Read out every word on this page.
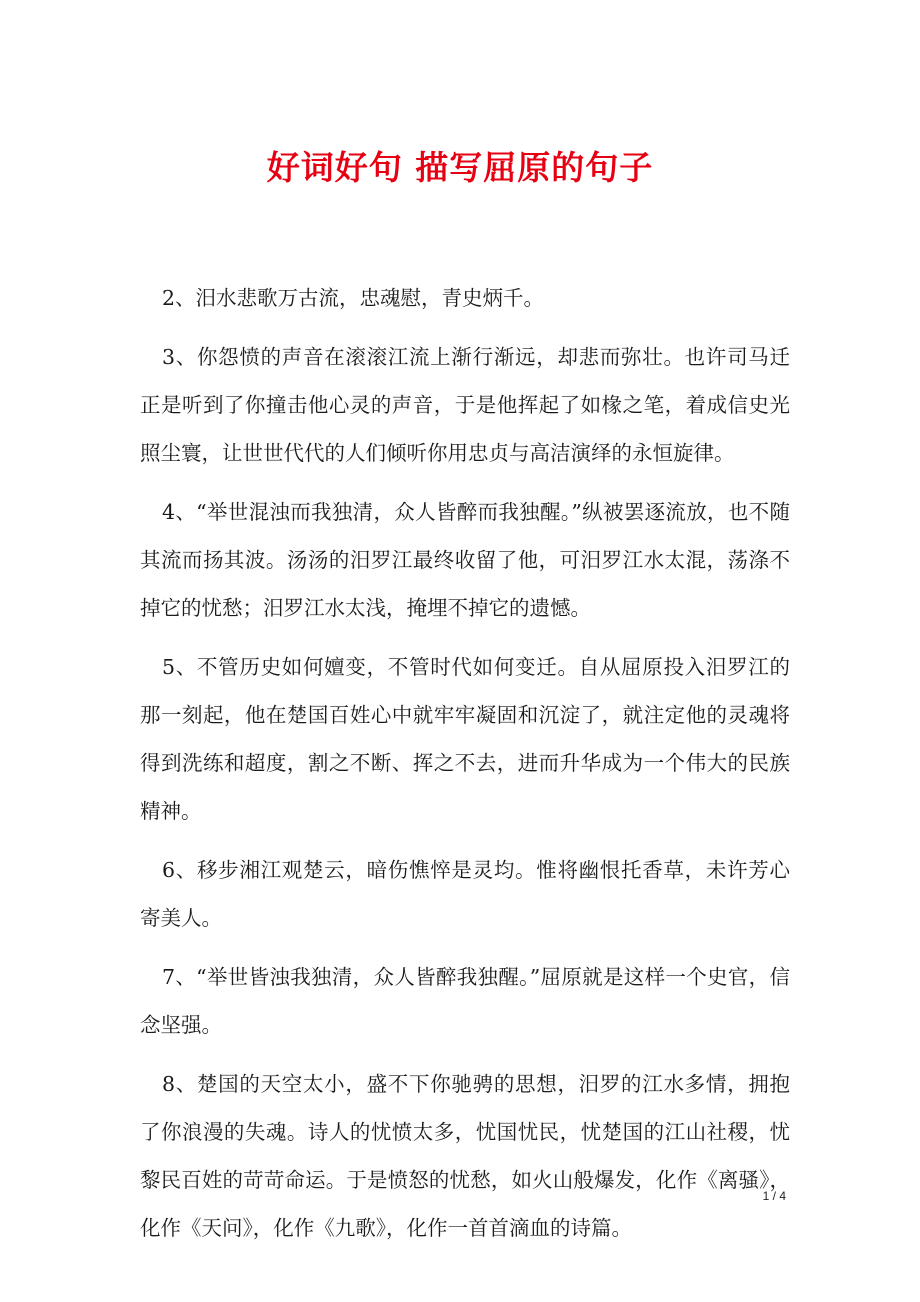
好词好句 描写屈原的句子

2、汨水悲歌万古流，忠魂慰，青史炳千。

3、你怨愤的声音在滚滚江流上渐行渐远，却悲而弥壮。也许司马迁正是听到了你撞击他心灵的声音，于是他挥起了如椽之笔，着成信史光照尘寰，让世世代代的人们倾听你用忠贞与高洁演绎的永恒旋律。

4、“举世混浊而我独清，众人皆醉而我独醒。”纵被罢逐流放，也不随其流而扬其波。汤汤的汨罗江最终收留了他，可汨罗江水太混，荡涤不掉它的忧愁；汨罗江水太浅，掩埋不掉它的遗憾。

5、不管历史如何嬗变，不管时代如何变迁。自从屈原投入汨罗江的那一刻起，他在楚国百姓心中就牢牢凝固和沉淀了，就注定他的灵魂将得到洗练和超度，割之不断、挥之不去，进而升华成为一个伟大的民族精神。

6、移步湘江观楚云，暗伤憔悴是灵均。惟将幽恨托香草，未许芳心寄美人。

7、“举世皆浊我独清，众人皆醉我独醒。”屈原就是这样一个史官，信念坚强。

8、楚国的天空太小，盛不下你驰骋的思想，汨罗的江水多情，拥抱了你浪漫的失魂。诗人的忧愤太多，忧国忧民，忧楚国的江山社稷，忧黎民百姓的苛苛命运。于是愤怒的忧愁，如火山般爆发，化作《离骚》，化作《天问》，化作《九歌》，化作一首首滴血的诗篇。

1 / 4
